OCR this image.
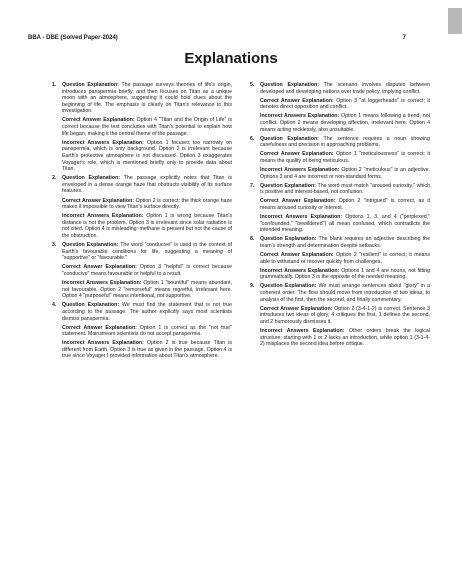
BBA - DBE (Solved Paper-2024)	7
Explanations
1. Question Explanation: The passage surveys theories of life's origin, introduces panspermia briefly, and then focuses on Titan as a unique moon with an atmosphere, suggesting it could hold clues about the beginning of life. The emphasis is clearly on Titan's relevance to this investigation.

Correct Answer Explanation: Option 4 "Titan and the Origin of Life" is correct because the text concludes with Titan's potential to explain how life began, making it the central theme of the passage.

Incorrect Answers Explanation: Option 1 focuses too narrowly on panspermia, which is only background. Option 2 is irrelevant because Earth's protective atmosphere is not discussed. Option 3 exaggerates Voyager's role, which is mentioned briefly only to provide data about Titan.

2. Question Explanation: The passage explicitly notes that Titan is enveloped in a dense orange haze that obstructs visibility of its surface features.

Correct Answer Explanation: Option 2 is correct: the thick orange haze makes it impossible to view Titan's surface directly.

Incorrect Answers Explanation: Option 1 is wrong because Titan's distance is not the problem. Option 3 is irrelevant since solar radiation is not cited. Option 4 is misleading: methane is present but not the cause of the obstruction.

3. Question Explanation: The word "conducive" is used in the context of Earth's favourable conditions for life, suggesting a meaning of "supportive" or "favourable."

Correct Answer Explanation: Option 3 "helpful" is correct because "conducive" means favourable or helpful to a result.

Incorrect Answers Explanation: Option 1 "bountiful" means abundant, not favourable. Option 2 "remorseful" means regretful, irrelevant here. Option 4 "purposeful" means intentional, not supportive.

4. Question Explanation: We must find the statement that is not true according to the passage. The author explicitly says most scientists dismiss panspermia.

Correct Answer Explanation: Option 1 is correct as the "not true" statement. Mainstream scientists do not accept panspermia.

Incorrect Answers Explanation: Option 2 is true because Titan is different from Earth. Option 3 is true as given in the passage. Option 4 is true since Voyager I provided information about Titan's atmosphere.

5. Question Explanation: The scenario involves disputes between developed and developing nations over trade policy, implying conflict.

Correct Answer Explanation: Option 3 "at loggerheads" is correct; it denotes direct opposition and conflict.

Incorrect Answers Explanation: Option 1 means following a trend, not conflict. Option 2 means developing affection, irrelevant here. Option 4 means acting recklessly, also unsuitable.

6. Question Explanation: The sentence requires a noun showing carefulness and precision in approaching problems.

Correct Answer Explanation: Option 1 "meticulousness" is correct; it means the quality of being meticulous.

Incorrect Answers Explanation: Option 2 "meticulous" is an adjective. Options 3 and 4 are incorrect or non-standard forms.

7. Question Explanation: The word must match "aroused curiosity," which is positive and interest-based, not confusion.

Correct Answer Explanation: Option 2 "intrigued" is correct, as it means aroused curiosity or interest.

Incorrect Answers Explanation: Options 1, 3, and 4 ("perplexed," "confounded," "bewildered") all mean confused, which contradicts the intended meaning.

8. Question Explanation: The blank requires an adjective describing the team's strength and determination despite setbacks.

Correct Answer Explanation: Option 2 "resilient" is correct; it means able to withstand or recover quickly from challenges.

Incorrect Answers Explanation: Options 1 and 4 are nouns, not fitting grammatically. Option 3 is the opposite of the needed meaning.

9. Question Explanation: We must arrange sentences about "glory" in a coherent order. The flow should move from introduction of two ideas, to analysis of the first, then the second, and finally commentary.

Correct Answer Explanation: Option 2 (3-4-1-2) is correct. Sentence 3 introduces two ideas of glory, 4 critiques the first, 1 defines the second, and 2 humorously dismisses it.

Incorrect Answers Explanation: Other orders break the logical structure: starting with 1 or 2 lacks an introduction, while option 1 (3-1-4-2) misplaces the second idea before critique.
